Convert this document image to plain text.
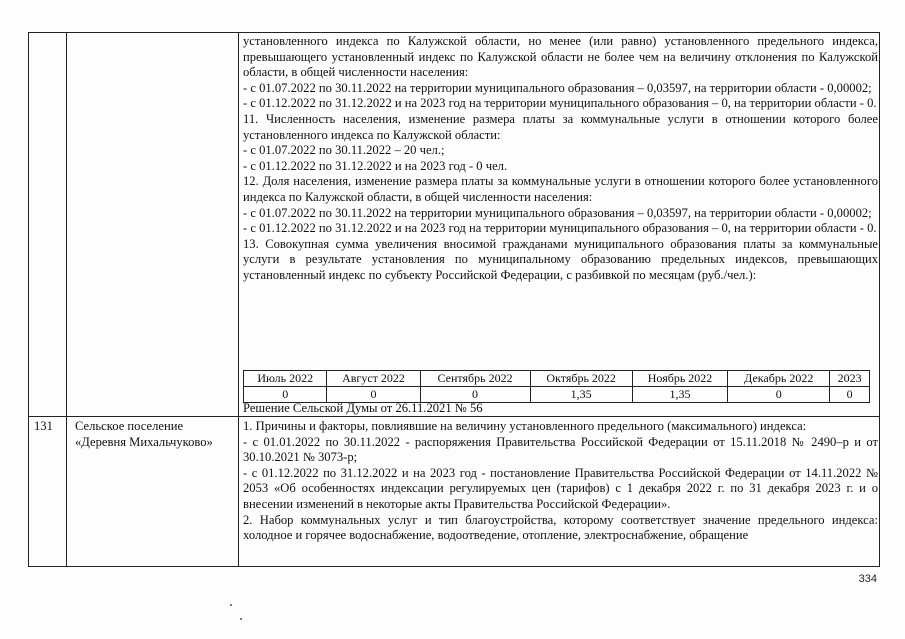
установленного индекса по Калужской области, но менее (или равно) установленного предельного индекса, превышающего установленный индекс по Калужской области не более чем на величину отклонения по Калужской области, в общей численности населения:

- с 01.07.2022 по 30.11.2022 на территории муниципального образования – 0,03597, на территории области - 0,00002;

- с 01.12.2022 по 31.12.2022 и на 2023 год на территории муниципального образования – 0, на территории области - 0.

11. Численность населения, изменение размера платы за коммунальные услуги в отношении которого более установленного индекса по Калужской области:

- с 01.07.2022 по 30.11.2022 – 20 чел.;

- с 01.12.2022 по 31.12.2022 и на 2023 год - 0 чел.

12. Доля населения, изменение размера платы за коммунальные услуги в отношении которого более установленного индекса по Калужской области, в общей численности населения:

- с 01.07.2022 по 30.11.2022 на территории муниципального образования – 0,03597, на территории области - 0,00002;

- с 01.12.2022 по 31.12.2022 и на 2023 год на территории муниципального образования – 0, на территории области - 0.

13. Совокупная сумма увеличения вносимой гражданами муниципального образования платы за коммунальные услуги в результате установления по муниципальному образованию предельных индексов, превышающих установленный индекс по субъекту Российской Федерации, с разбивкой по месяцам (руб./чел.):

Июль 2022	Август 2022	Сентябрь 2022	Октябрь 2022	Ноябрь 2022	Декабрь 2022	2023
0	0	0	1,35	1,35	0	0
Решение Сельской Думы от 26.11.2021 № 56
131 Сельское поселение
«Деревня Михальчуково»

1. Причины и факторы, повлиявшие на величину установленного предельного (максимального) индекса:

- с 01.01.2022 по 30.11.2022 - распоряжения Правительства Российской Федерации от 15.11.2018 № 2490–р и от 30.10.2021 № 3073-р;

- с 01.12.2022 по 31.12.2022 и на 2023 год - постановление Правительства Российской Федерации от 14.11.2022 № 2053 «Об особенностях индексации регулируемых цен (тарифов) с 1 декабря 2022 г. по 31 декабря 2023 г. и о внесении изменений в некоторые акты Правительства Российской Федерации».

2. Набор коммунальных услуг и тип благоустройства, которому соответствует значение предельного индекса: холодное и горячее водоснабжение, водоотведение, отопление, электроснабжение, обращение

334
